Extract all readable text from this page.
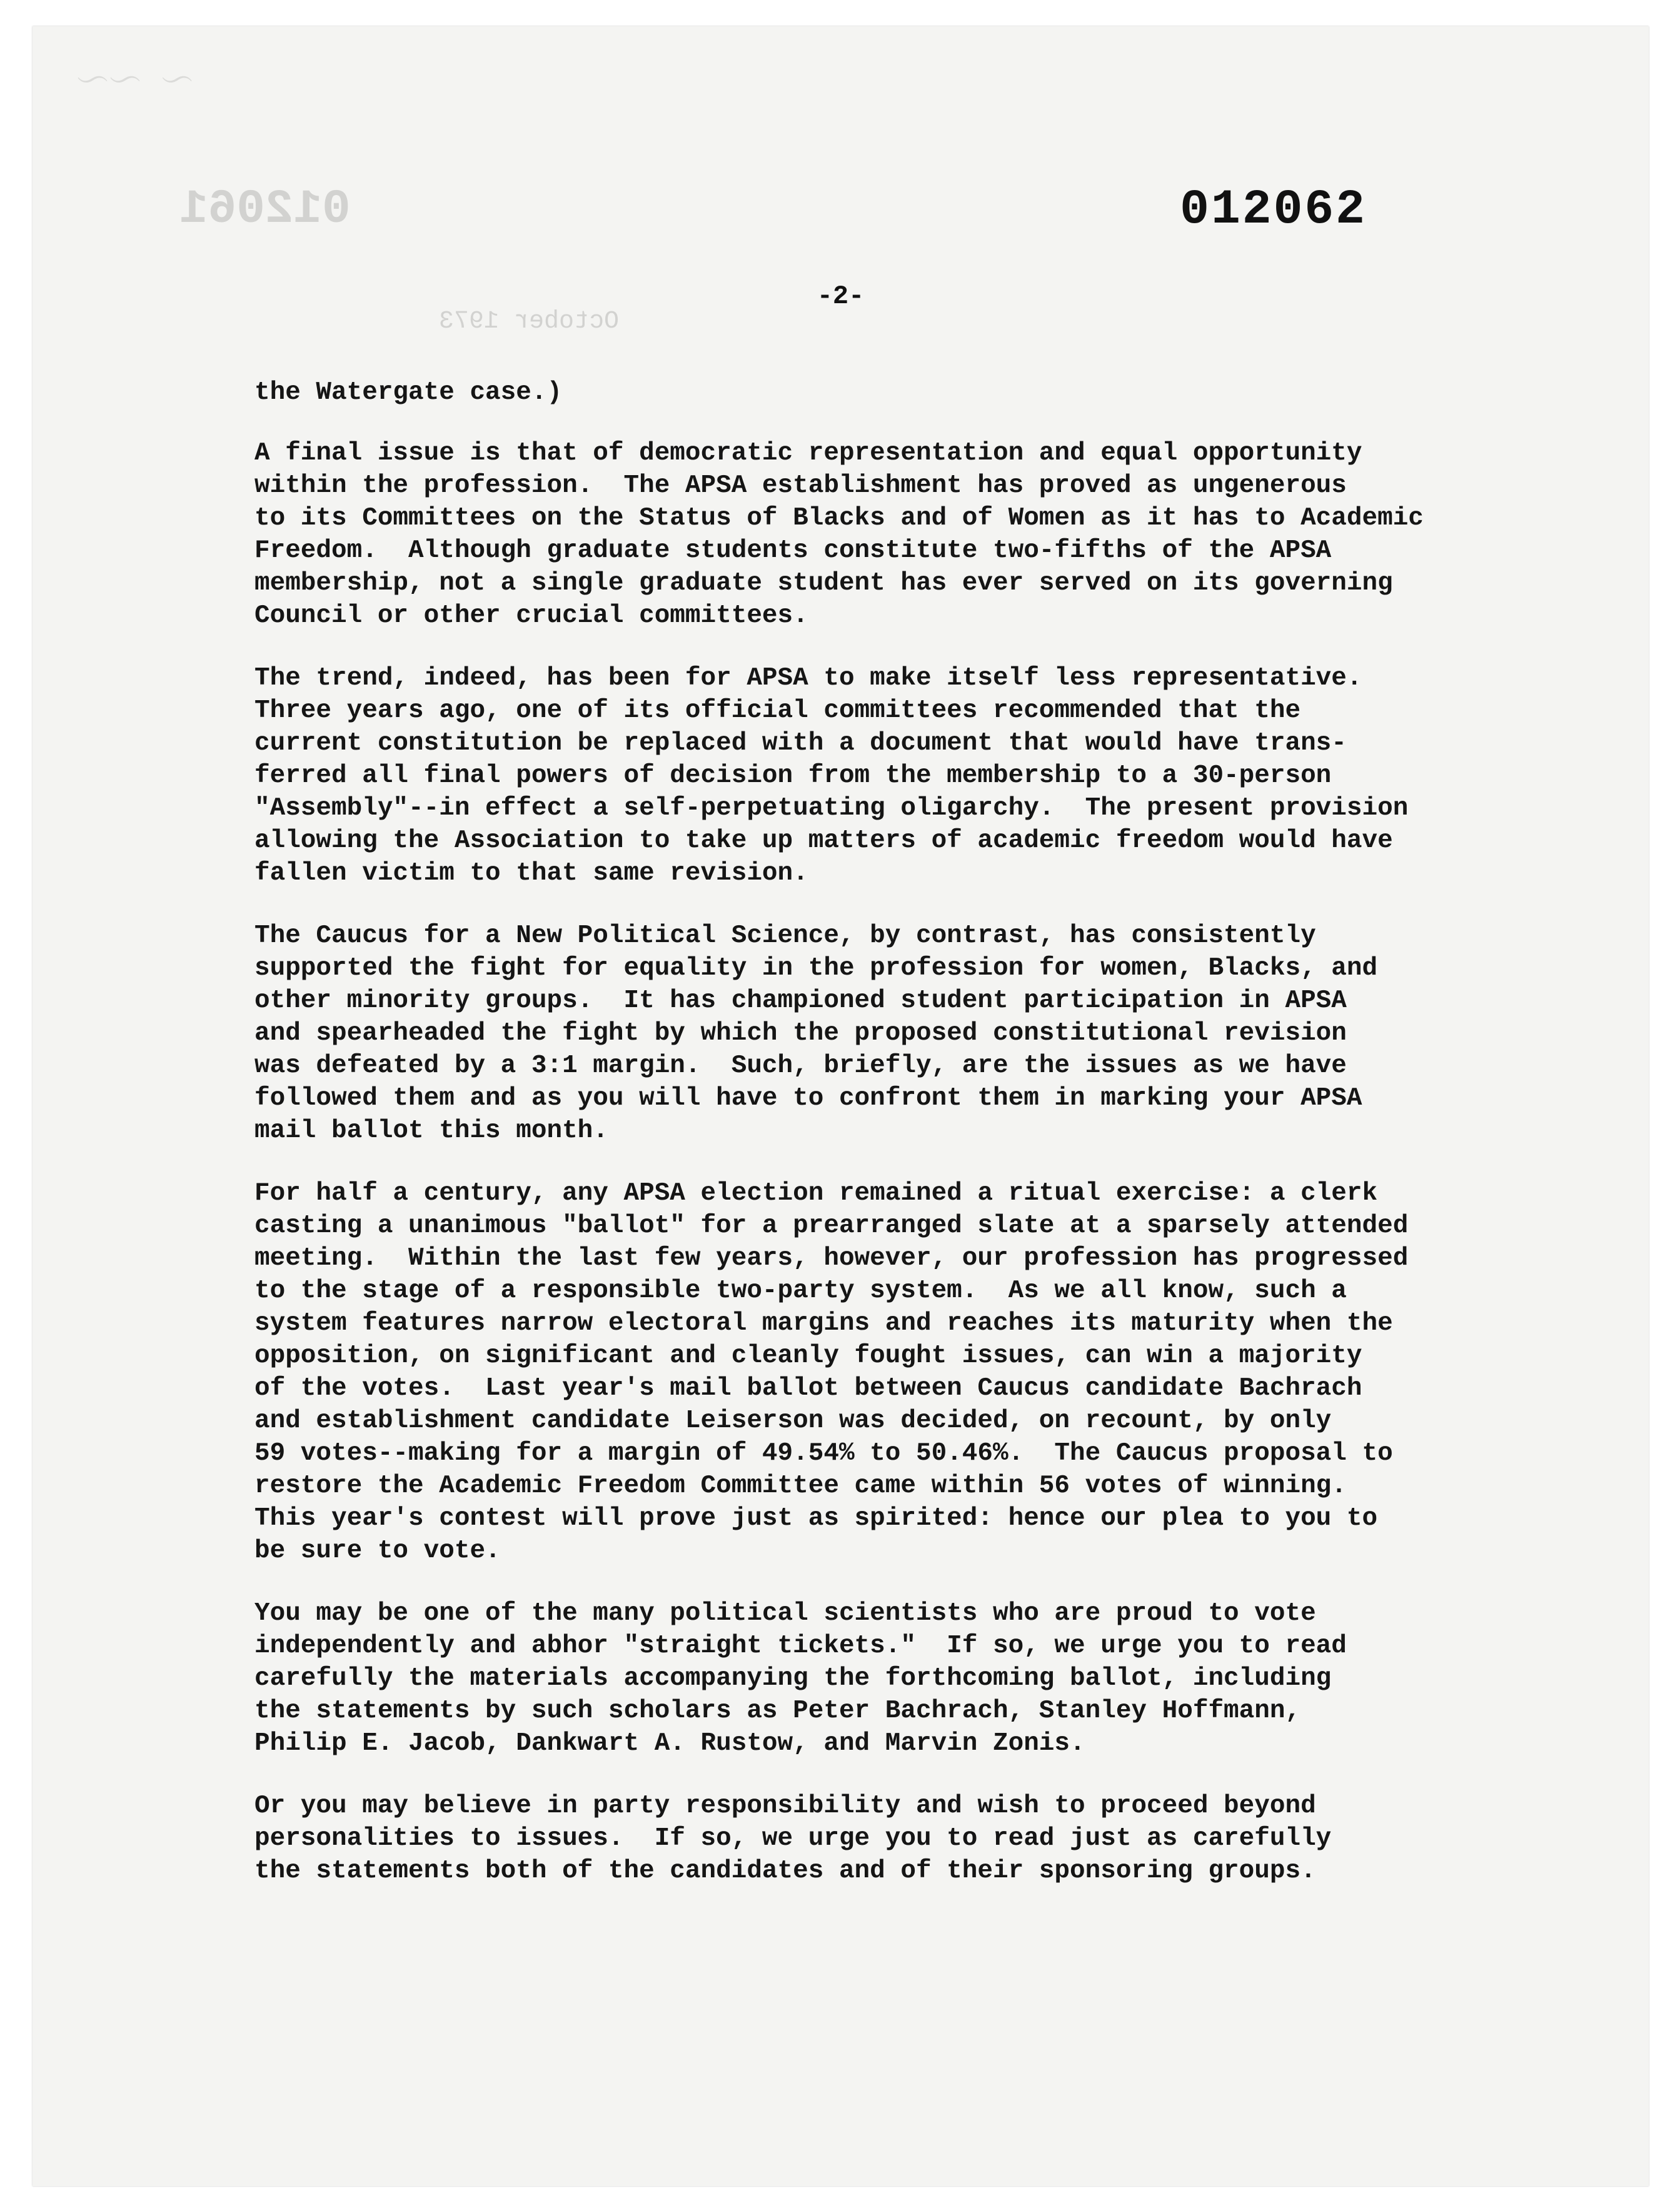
～ ～～
012061
October 1973
012062
-2-
the Watergate case.)
A final issue is that of democratic representation and equal opportunity
within the profession.  The APSA establishment has proved as ungenerous
to its Committees on the Status of Blacks and of Women as it has to Academic
Freedom.  Although graduate students constitute two-fifths of the APSA
membership, not a single graduate student has ever served on its governing
Council or other crucial committees.
The trend, indeed, has been for APSA to make itself less representative.
Three years ago, one of its official committees recommended that the
current constitution be replaced with a document that would have trans-
ferred all final powers of decision from the membership to a 30-person
"Assembly"--in effect a self-perpetuating oligarchy.  The present provision
allowing the Association to take up matters of academic freedom would have
fallen victim to that same revision.
The Caucus for a New Political Science, by contrast, has consistently
supported the fight for equality in the profession for women, Blacks, and
other minority groups.  It has championed student participation in APSA
and spearheaded the fight by which the proposed constitutional revision
was defeated by a 3:1 margin.  Such, briefly, are the issues as we have
followed them and as you will have to confront them in marking your APSA
mail ballot this month.
For half a century, any APSA election remained a ritual exercise: a clerk
casting a unanimous "ballot" for a prearranged slate at a sparsely attended
meeting.  Within the last few years, however, our profession has progressed
to the stage of a responsible two-party system.  As we all know, such a
system features narrow electoral margins and reaches its maturity when the
opposition, on significant and cleanly fought issues, can win a majority
of the votes.  Last year's mail ballot between Caucus candidate Bachrach
and establishment candidate Leiserson was decided, on recount, by only
59 votes--making for a margin of 49.54% to 50.46%.  The Caucus proposal to
restore the Academic Freedom Committee came within 56 votes of winning.
This year's contest will prove just as spirited: hence our plea to you to
be sure to vote.
You may be one of the many political scientists who are proud to vote
independently and abhor "straight tickets."  If so, we urge you to read
carefully the materials accompanying the forthcoming ballot, including
the statements by such scholars as Peter Bachrach, Stanley Hoffmann,
Philip E. Jacob, Dankwart A. Rustow, and Marvin Zonis.
Or you may believe in party responsibility and wish to proceed beyond
personalities to issues.  If so, we urge you to read just as carefully
the statements both of the candidates and of their sponsoring groups.
